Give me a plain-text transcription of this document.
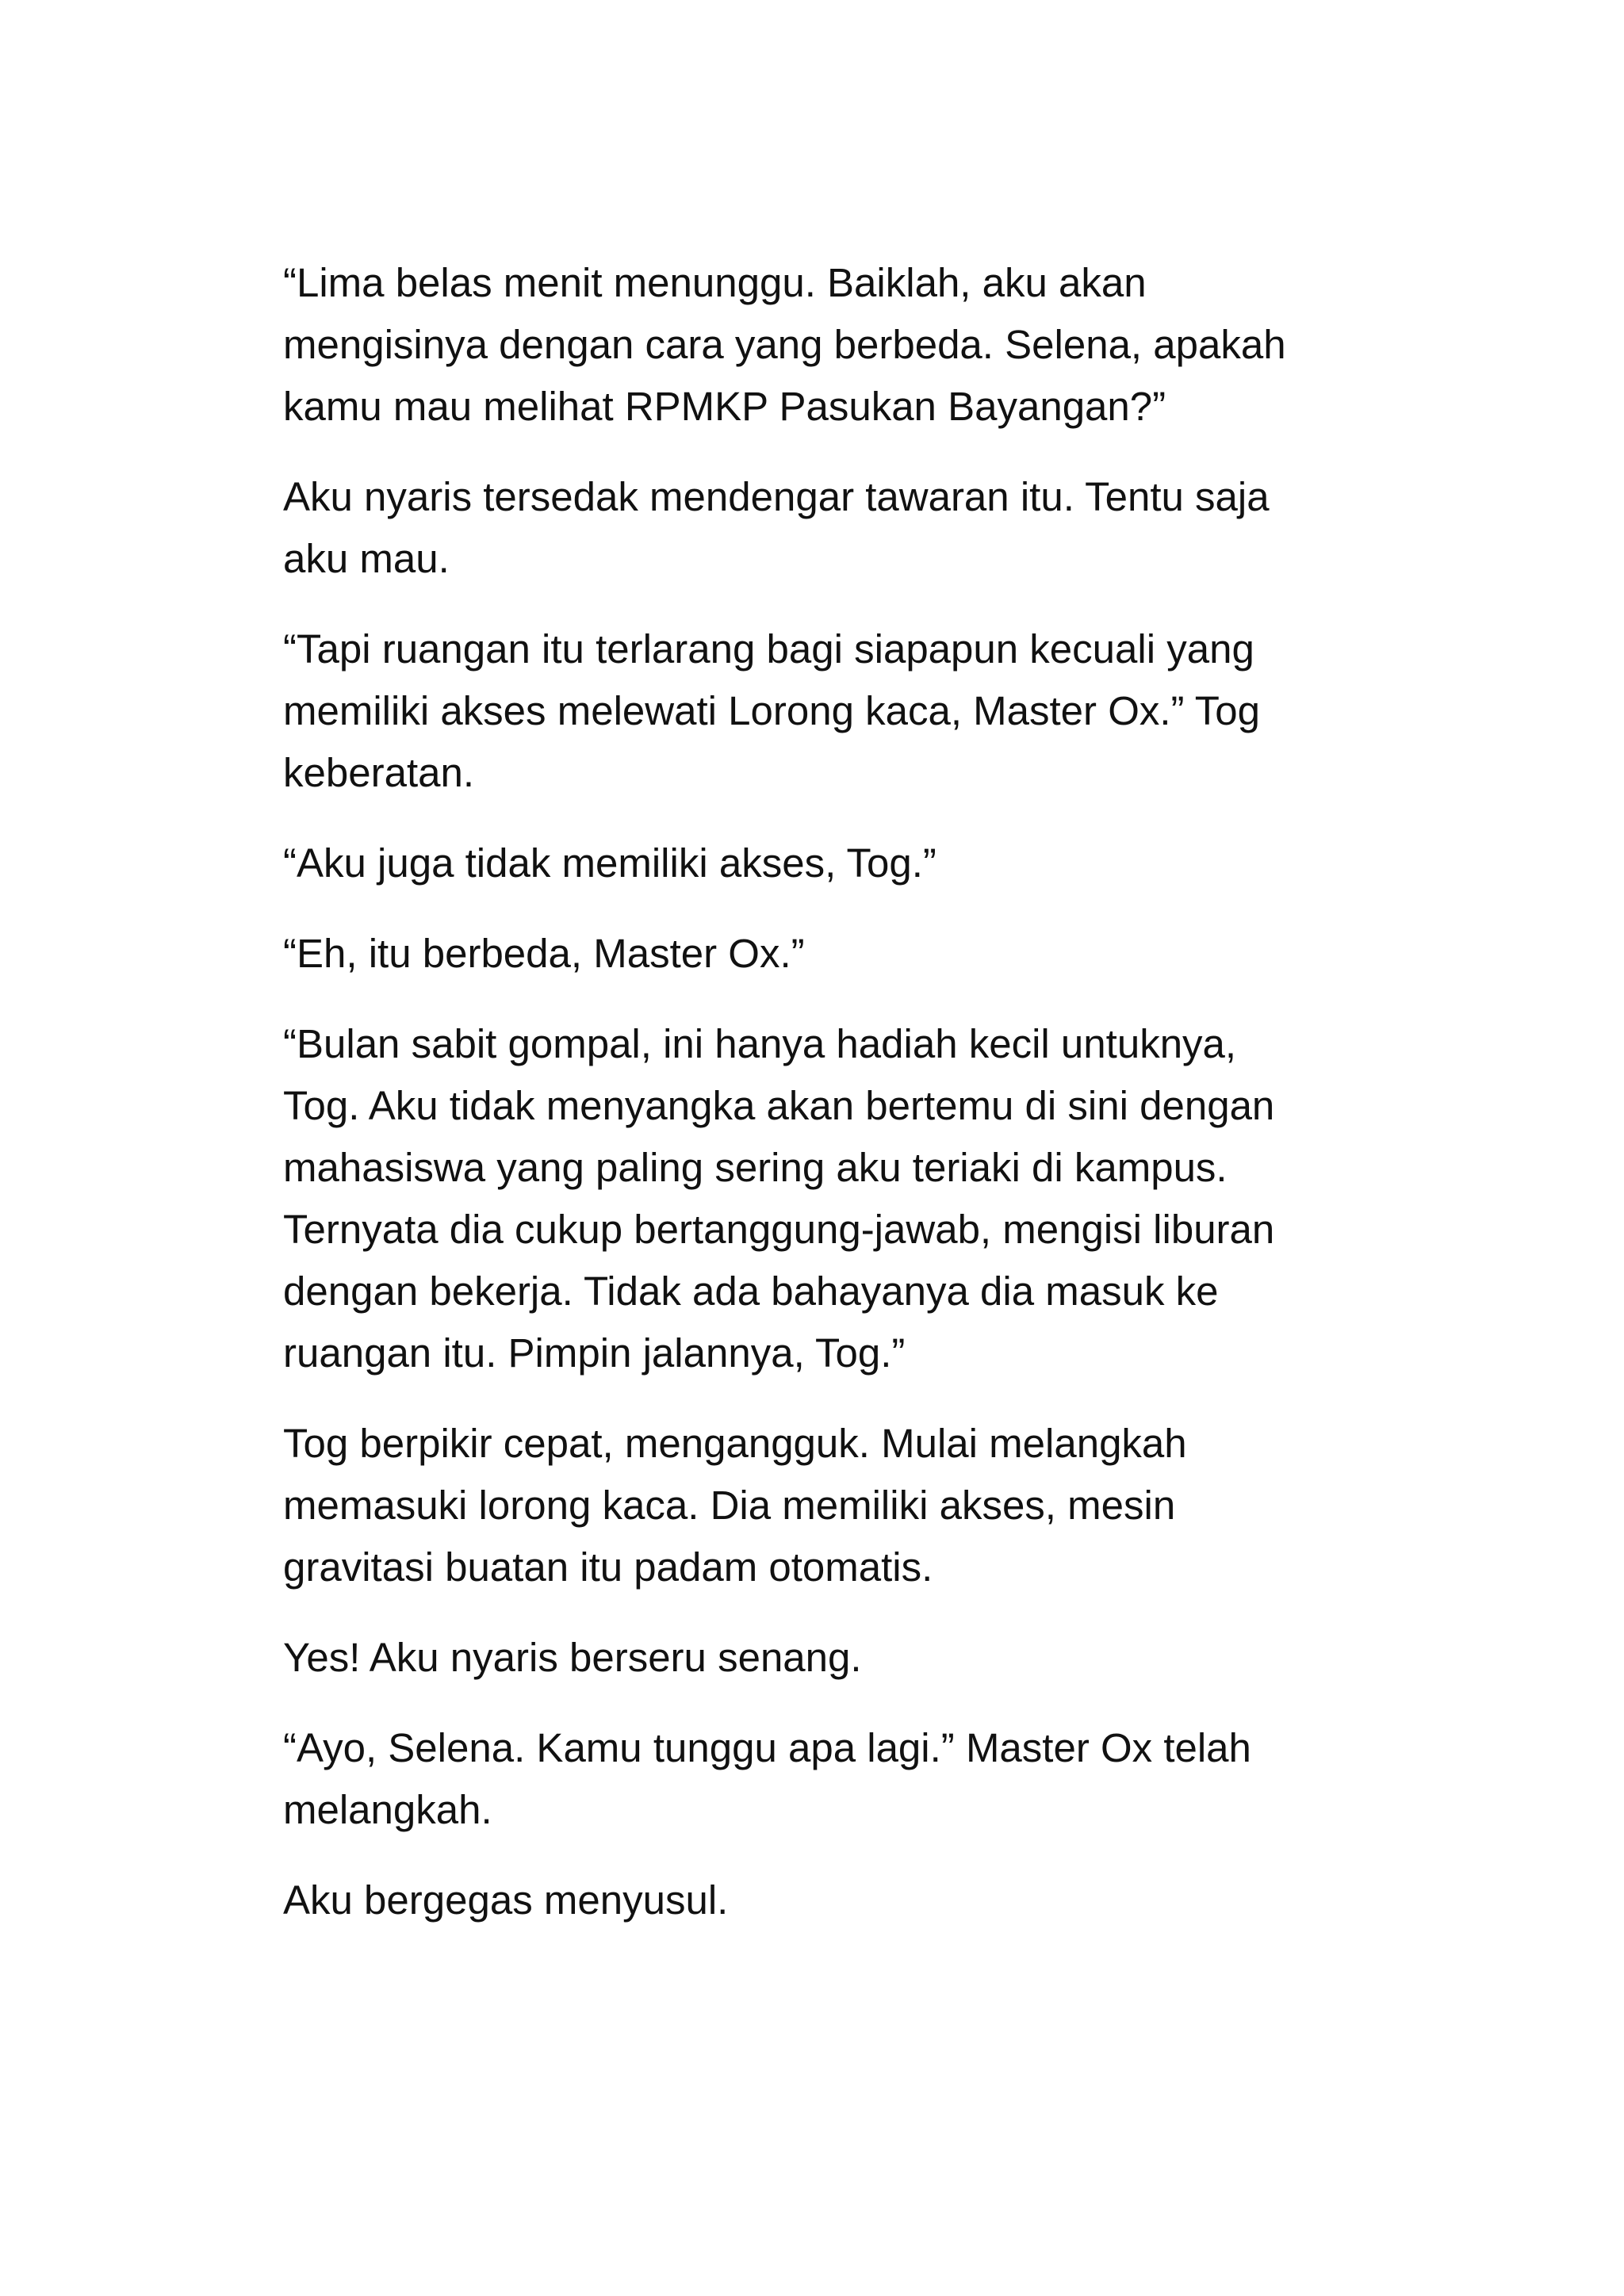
“Lima belas menit menunggu. Baiklah, aku akan
mengisinya dengan cara yang berbeda. Selena, apakah
kamu mau melihat RPMKP Pasukan Bayangan?”

Aku nyaris tersedak mendengar tawaran itu. Tentu saja
aku mau.

“Tapi ruangan itu terlarang bagi siapapun kecuali yang
memiliki akses melewati Lorong kaca, Master Ox.” Tog
keberatan.

“Aku juga tidak memiliki akses, Tog.”

“Eh, itu berbeda, Master Ox.”

“Bulan sabit gompal, ini hanya hadiah kecil untuknya,
Tog. Aku tidak menyangka akan bertemu di sini dengan
mahasiswa yang paling sering aku teriaki di kampus.
Ternyata dia cukup bertanggung-jawab, mengisi liburan
dengan bekerja. Tidak ada bahayanya dia masuk ke
ruangan itu. Pimpin jalannya, Tog.”

Tog berpikir cepat, mengangguk. Mulai melangkah
memasuki lorong kaca. Dia memiliki akses, mesin
gravitasi buatan itu padam otomatis.

Yes! Aku nyaris berseru senang.

“Ayo, Selena. Kamu tunggu apa lagi.” Master Ox telah
melangkah.

Aku bergegas menyusul.
